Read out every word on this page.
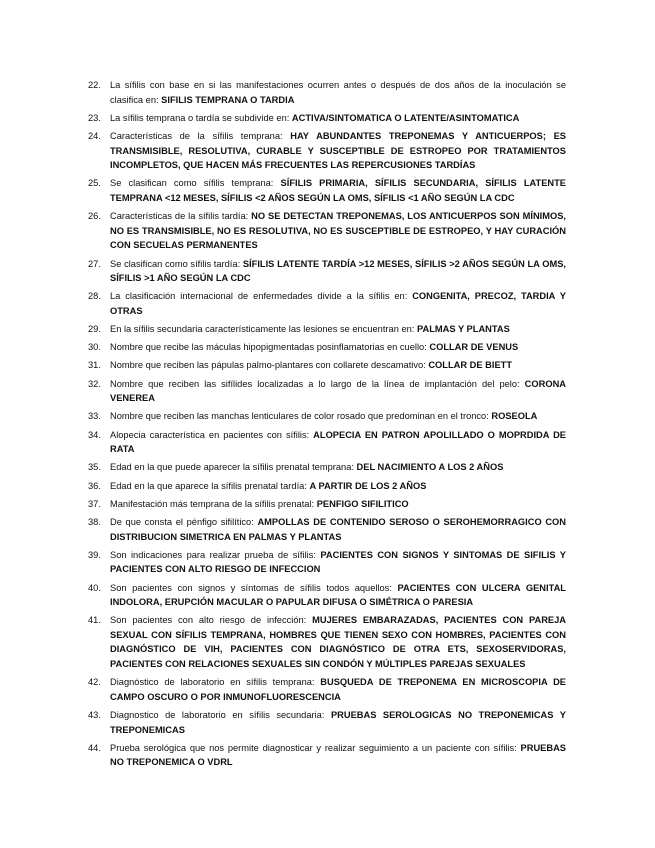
22. La sífilis con base en si las manifestaciones ocurren antes o después de dos años de la inoculación se clasifica en: SIFILIS TEMPRANA O TARDIA
23. La sífilis temprana o tardía se subdivide en: ACTIVA/SINTOMATICA O LATENTE/ASINTOMATICA
24. Características de la sífilis temprana: HAY ABUNDANTES TREPONEMAS Y ANTICUERPOS; ES TRANSMISIBLE, RESOLUTIVA, CURABLE Y SUSCEPTIBLE DE ESTROPEO POR TRATAMIENTOS INCOMPLETOS, QUE HACEN MÁS FRECUENTES LAS REPERCUSIONES TARDÍAS
25. Se clasifican como sífilis temprana: SÍFILIS PRIMARIA, SÍFILIS SECUNDARIA, SÍFILIS LATENTE TEMPRANA <12 MESES, SÍFILIS <2 AÑOS SEGÚN LA OMS, SÍFILIS <1 AÑO SEGÚN LA CDC
26. Características de la sífilis tardía: NO SE DETECTAN TREPONEMAS, LOS ANTICUERPOS SON MÍNIMOS, NO ES TRANSMISIBLE, NO ES RESOLUTIVA, NO ES SUSCEPTIBLE DE ESTROPEO, Y HAY CURACIÓN CON SECUELAS PERMANENTES
27. Se clasifican como sífilis tardía: SÍFILIS LATENTE TARDÍA >12 MESES, SÍFILIS >2 AÑOS SEGÚN LA OMS, SÍFILIS >1 AÑO SEGÚN LA CDC
28. La clasificación internacional de enfermedades divide a la sífilis en: CONGENITA, PRECOZ, TARDIA Y OTRAS
29. En la sífilis secundaria característicamente las lesiones se encuentran en: PALMAS Y PLANTAS
30. Nombre que recibe las máculas hipopigmentadas posinflamatorias en cuello: COLLAR DE VENUS
31. Nombre que reciben las pápulas palmo-plantares con collarete descamativo: COLLAR DE BIETT
32. Nombre que reciben las sifílides localizadas a lo largo de la línea de implantación del pelo: CORONA VENEREA
33. Nombre que reciben las manchas lenticulares de color rosado que predominan en el tronco: ROSEOLA
34. Alopecia característica en pacientes con sífilis: ALOPECIA EN PATRON APOLILLADO O MOPRDIDA DE RATA
35. Edad en la que puede aparecer la sífilis prenatal temprana: DEL NACIMIENTO A LOS 2 AÑOS
36. Edad en la que aparece la sífilis prenatal tardía: A PARTIR DE LOS 2 AÑOS
37. Manifestación más temprana de la sífilis prenatal: PENFIGO SIFILITICO
38. De que consta el pénfigo sifilítico: AMPOLLAS DE CONTENIDO SEROSO O SEROHEMORRAGICO CON DISTRIBUCION SIMETRICA EN PALMAS Y PLANTAS
39. Son indicaciones para realizar prueba de sífilis: PACIENTES CON SIGNOS Y SINTOMAS DE SIFILIS Y PACIENTES CON ALTO RIESGO DE INFECCION
40. Son pacientes con signos y síntomas de sífilis todos aquellos: PACIENTES CON ULCERA GENITAL INDOLORA, ERUPCIÓN MACULAR O PAPULAR DIFUSA O SIMÉTRICA O PARESIA
41. Son pacientes con alto riesgo de infección: MUJERES EMBARAZADAS, PACIENTES CON PAREJA SEXUAL CON SÍFILIS TEMPRANA, HOMBRES QUE TIENEN SEXO CON HOMBRES, PACIENTES CON DIAGNÓSTICO DE VIH, PACIENTES CON DIAGNÓSTICO DE OTRA ETS, SEXOSERVIDORAS, PACIENTES CON RELACIONES SEXUALES SIN CONDÓN Y MÚLTIPLES PAREJAS SEXUALES
42. Diagnóstico de laboratorio en sífilis temprana: BUSQUEDA DE TREPONEMA EN MICROSCOPIA DE CAMPO OSCURO O POR INMUNOFLUORESCENCIA
43. Diagnostico de laboratorio en sífilis secundaria: PRUEBAS SEROLOGICAS NO TREPONEMICAS Y TREPONEMICAS
44. Prueba serológica que nos permite diagnosticar y realizar seguimiento a un paciente con sífilis: PRUEBAS NO TREPONEMICA O VDRL
